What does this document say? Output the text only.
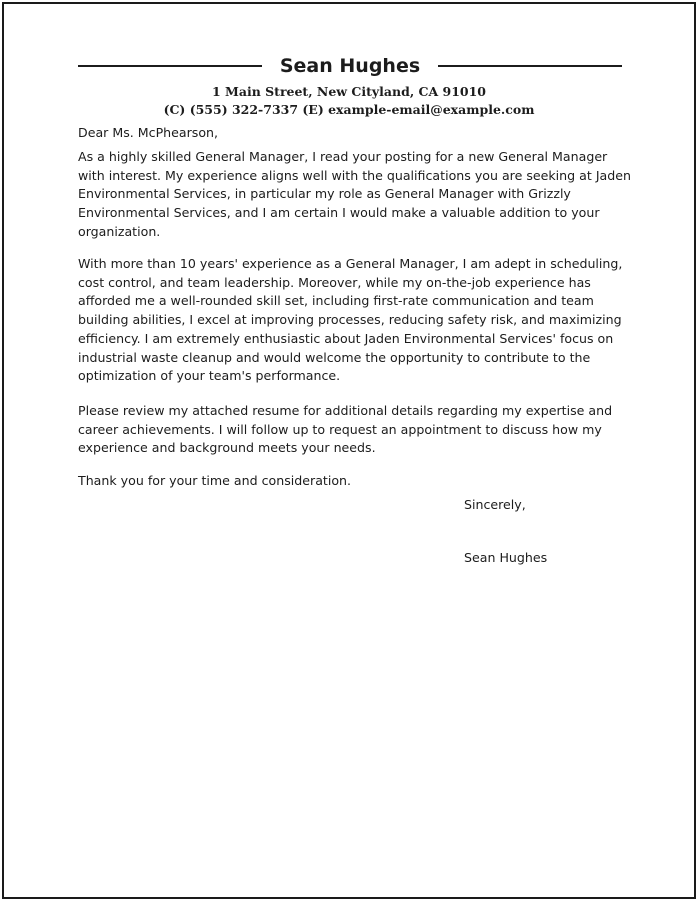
Sean Hughes
1 Main Street, New Cityland, CA 91010
(C) (555) 322-7337 (E) example-email@example.com

Dear Ms. McPhearson,

As a highly skilled General Manager, I read your posting for a new General Manager
with interest. My experience aligns well with the qualifications you are seeking at Jaden
Environmental Services, in particular my role as General Manager with Grizzly
Environmental Services, and I am certain I would make a valuable addition to your
organization.

With more than 10 years' experience as a General Manager, I am adept in scheduling,
cost control, and team leadership. Moreover, while my on-the-job experience has
afforded me a well-rounded skill set, including first-rate communication and team
building abilities, I excel at improving processes, reducing safety risk, and maximizing
efficiency. I am extremely enthusiastic about Jaden Environmental Services' focus on
industrial waste cleanup and would welcome the opportunity to contribute to the
optimization of your team's performance.

Please review my attached resume for additional details regarding my expertise and
career achievements. I will follow up to request an appointment to discuss how my
experience and background meets your needs.

Thank you for your time and consideration.

Sincerely,
Sean Hughes
